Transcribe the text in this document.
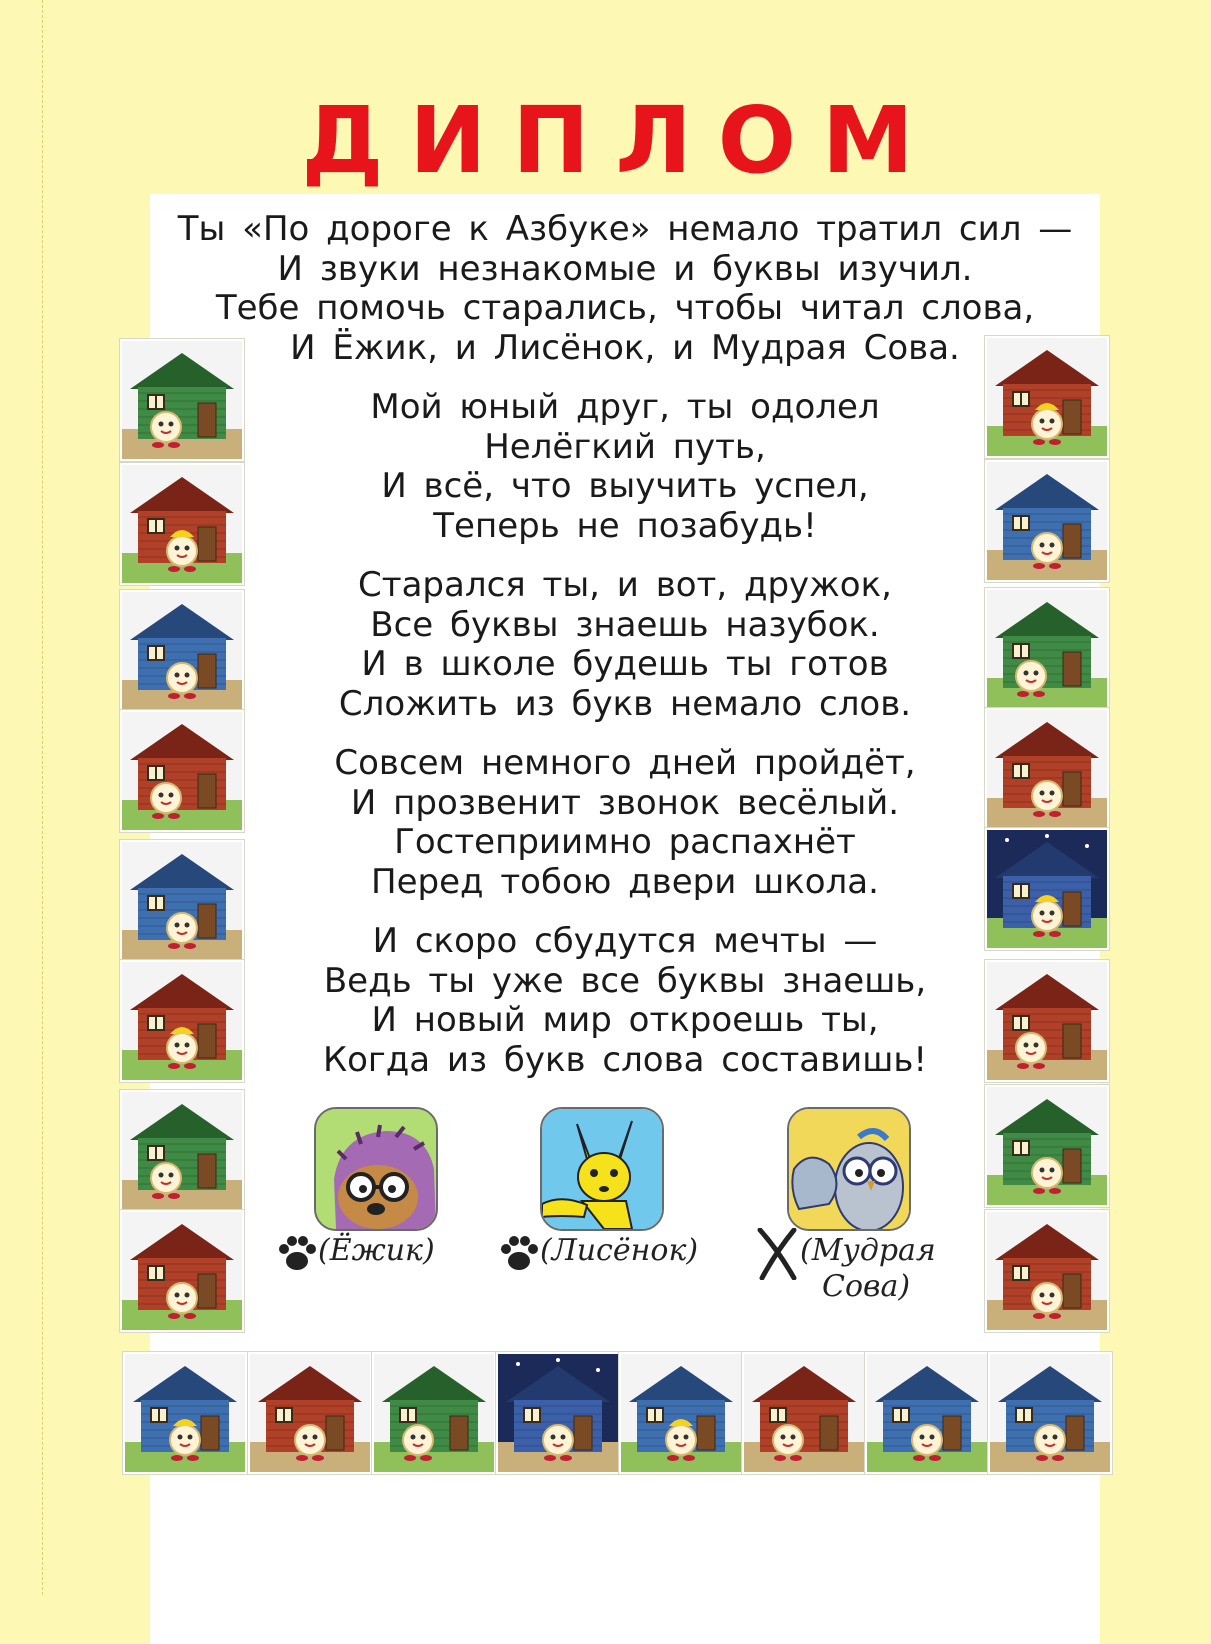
ДИПЛОМ
Ты «По дороге к Азбуке» немало тратил сил —
И звуки незнакомые и буквы изучил.
Тебе помочь старались, чтобы читал слова,
И Ёжик, и Лисёнок, и Мудрая Сова.
Мой юный друг, ты одолел
Нелёгкий путь,
И всё, что выучить успел,
Теперь не позабудь!
Старался ты, и вот, дружок,
Все буквы знаешь назубок.
И в школе будешь ты готов
Сложить из букв немало слов.
Совсем немного дней пройдёт,
И прозвенит звонок весёлый.
Гостеприимно распахнёт
Перед тобою двери школа.
И скоро сбудутся мечты —
Ведь ты уже все буквы знаешь,
И новый мир откроешь ты,
Когда из букв слова составишь!
(Ёжик)	(Лисёнок)	(Мудрая
Сова)
